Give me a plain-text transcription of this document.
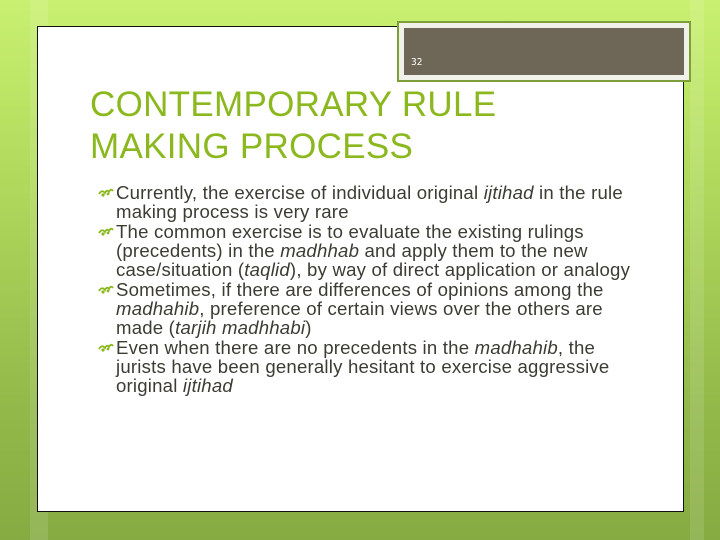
32
CONTEMPORARY RULE
MAKING PROCESS
Currently, the exercise of individual original ijtihad in the rule making process is very rare
The common exercise is to evaluate the existing rulings (precedents) in the madhhab and apply them to the new case/situation (taqlid), by way of direct application or analogy
Sometimes, if there are differences of opinions among the madhahib, preference of certain views over the others are made (tarjih madhhabi)
Even when there are no precedents in the madhahib, the jurists have been generally hesitant to exercise aggressive original ijtihad
